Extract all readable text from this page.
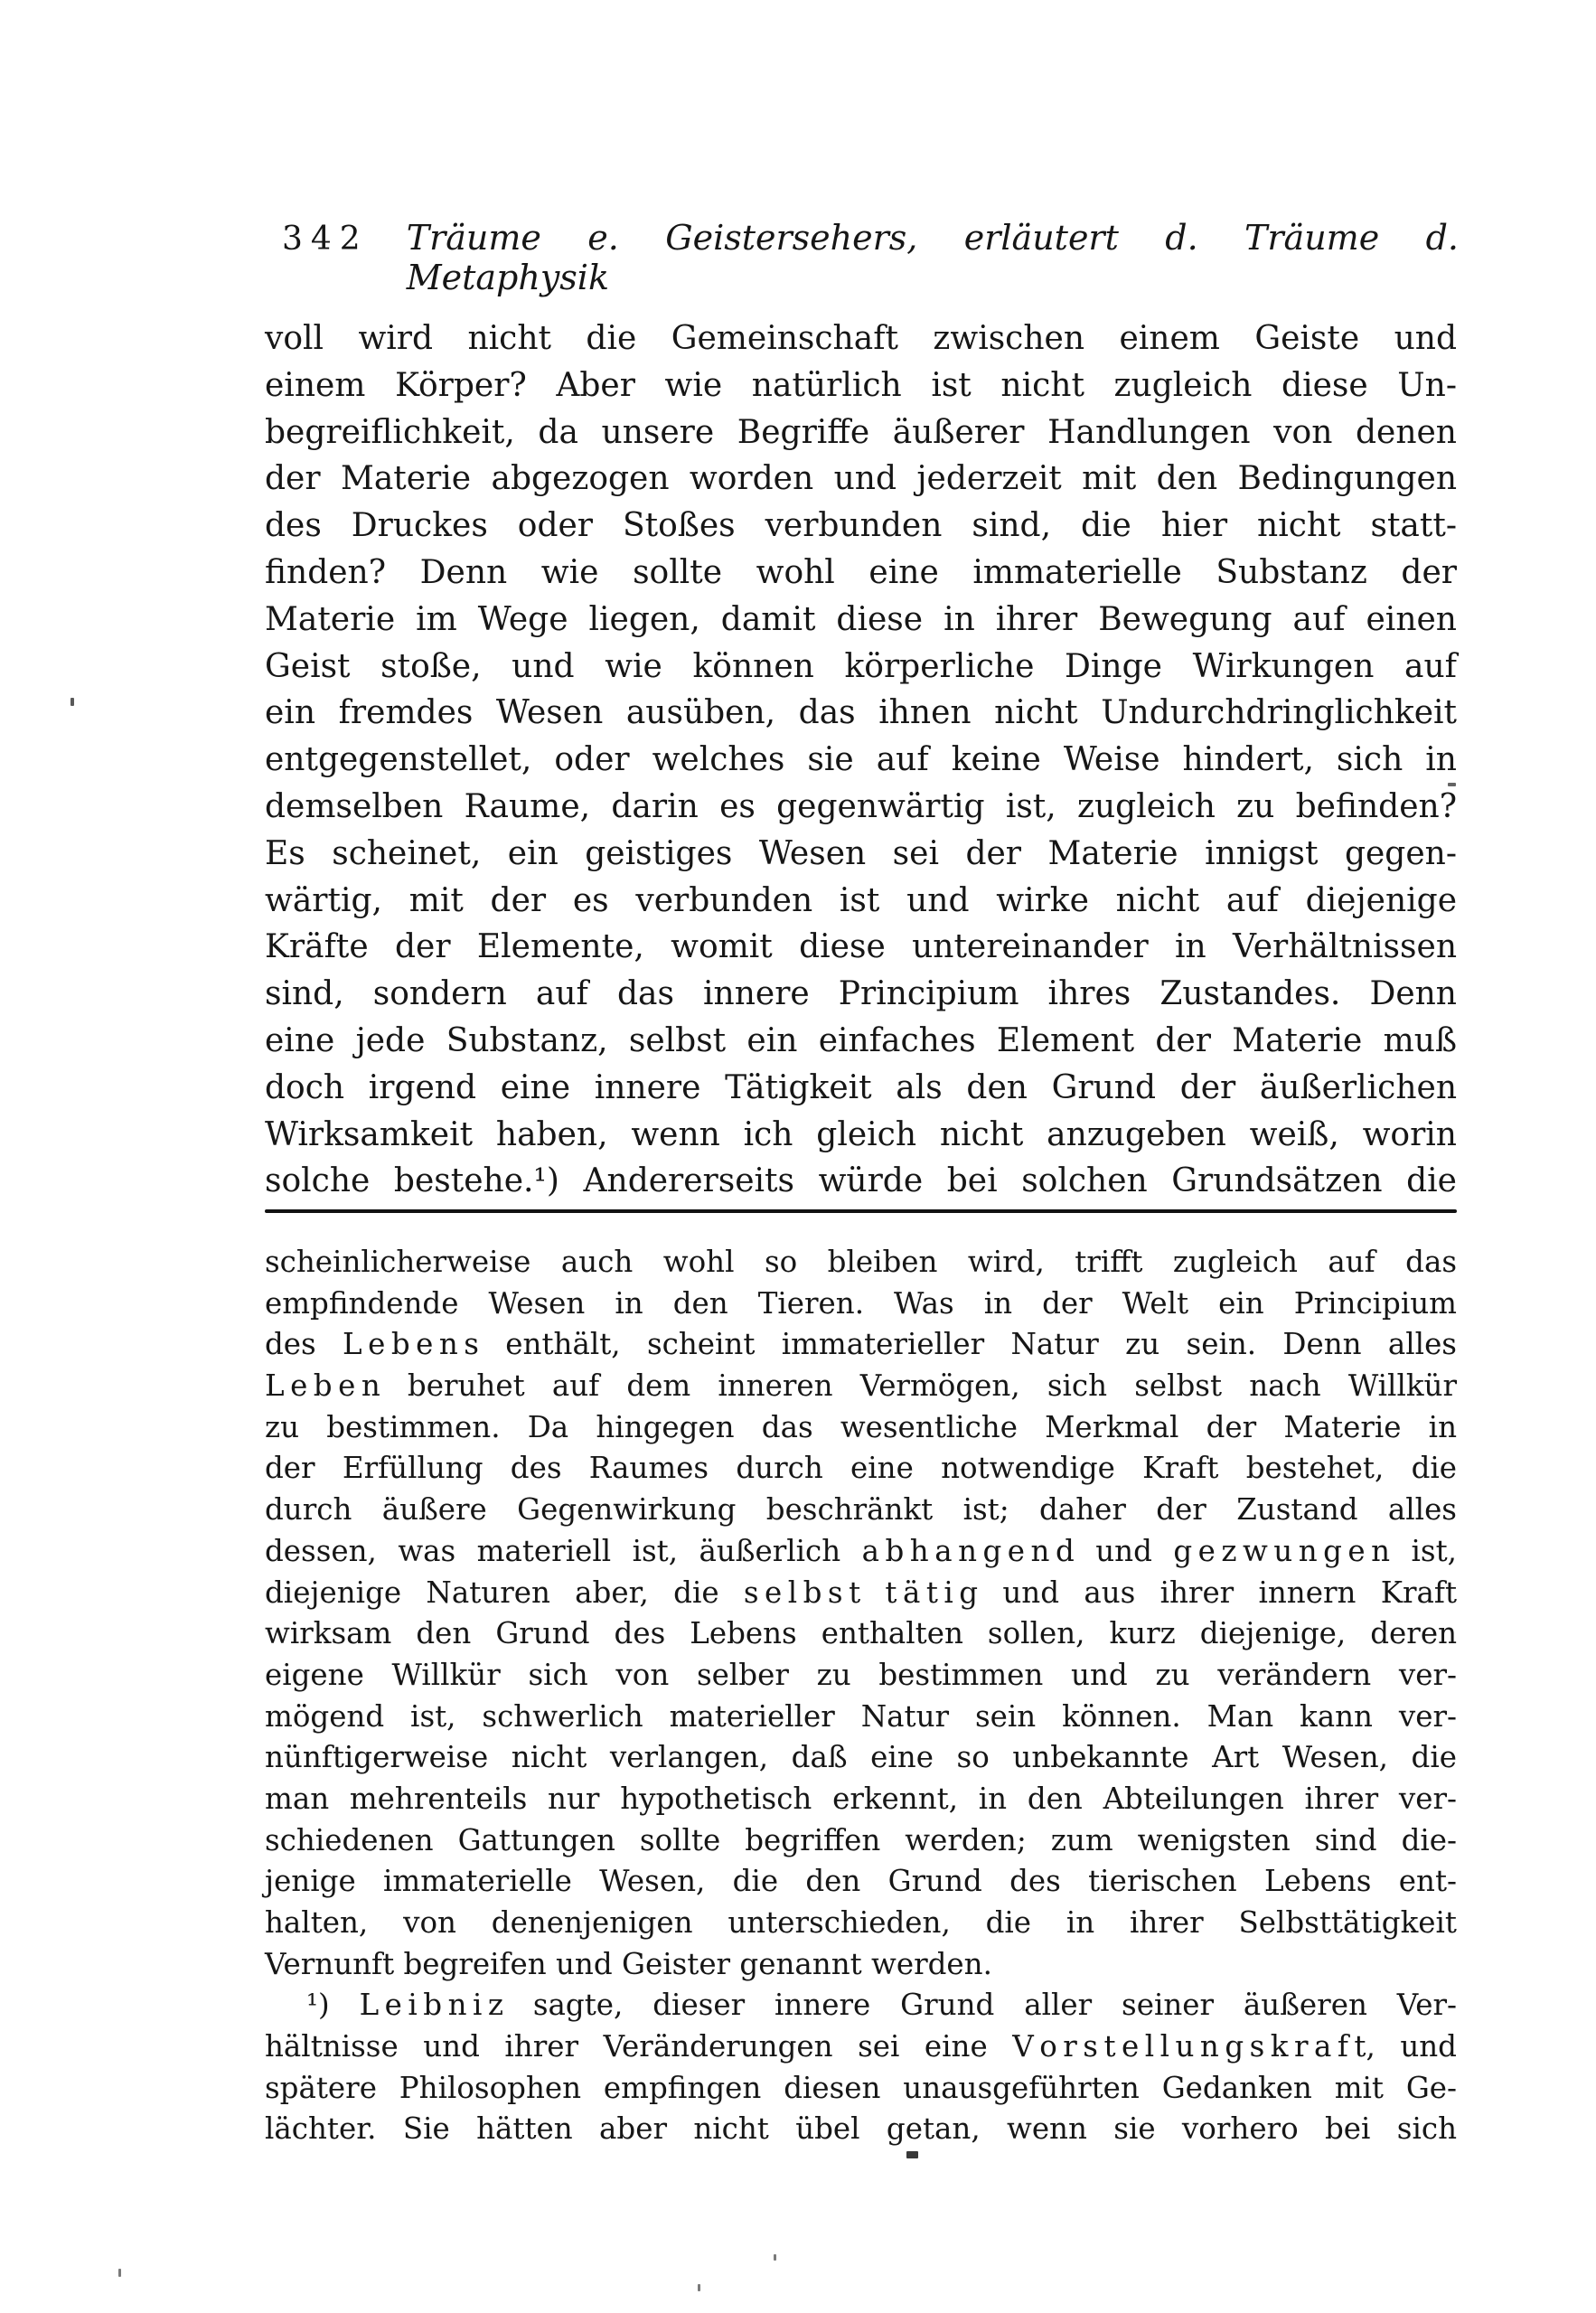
342 Träume e. Geistersehers, erläutert d. Träume d. Metaphysik
voll wird nicht die Gemeinschaft zwischen einem Geiste und
einem Körper? Aber wie natürlich ist nicht zugleich diese Un-
begreiflichkeit, da unsere Begriffe äußerer Handlungen von denen
der Materie abgezogen worden und jederzeit mit den Bedingungen
des Druckes oder Stoßes verbunden sind, die hier nicht statt-
finden? Denn wie sollte wohl eine immaterielle Substanz der
Materie im Wege liegen, damit diese in ihrer Bewegung auf einen
Geist stoße, und wie können körperliche Dinge Wirkungen auf
ein fremdes Wesen ausüben, das ihnen nicht Undurchdringlichkeit
entgegenstellet, oder welches sie auf keine Weise hindert, sich in
demselben Raume, darin es gegenwärtig ist, zugleich zu befinden?
Es scheinet, ein geistiges Wesen sei der Materie innigst gegen-
wärtig, mit der es verbunden ist und wirke nicht auf diejenige
Kräfte der Elemente, womit diese untereinander in Verhältnissen
sind, sondern auf das innere Principium ihres Zustandes. Denn
eine jede Substanz, selbst ein einfaches Element der Materie muß
doch irgend eine innere Tätigkeit als den Grund der äußerlichen
Wirksamkeit haben, wenn ich gleich nicht anzugeben weiß, worin
solche bestehe.¹) Andererseits würde bei solchen Grundsätzen die
scheinlicherweise auch wohl so bleiben wird, trifft zugleich auf das
empfindende Wesen in den Tieren. Was in der Welt ein Principium
des L e b e n s enthält, scheint immaterieller Natur zu sein. Denn alles
L e b e n beruhet auf dem inneren Vermögen, sich selbst nach Willkür
zu bestimmen. Da hingegen das wesentliche Merkmal der Materie in
der Erfüllung des Raumes durch eine notwendige Kraft bestehet, die
durch äußere Gegenwirkung beschränkt ist; daher der Zustand alles
dessen, was materiell ist, äußerlich a b h a n g e n d und g e z w u n g e n ist,
diejenige Naturen aber, die s e l b s t t ä t i g und aus ihrer innern Kraft
wirksam den Grund des Lebens enthalten sollen, kurz diejenige, deren
eigene Willkür sich von selber zu bestimmen und zu verändern ver-
mögend ist, schwerlich materieller Natur sein können. Man kann ver-
nünftigerweise nicht verlangen, daß eine so unbekannte Art Wesen, die
man mehrenteils nur hypothetisch erkennt, in den Abteilungen ihrer ver-
schiedenen Gattungen sollte begriffen werden; zum wenigsten sind die-
jenige immaterielle Wesen, die den Grund des tierischen Lebens ent-
halten, von denenjenigen unterschieden, die in ihrer Selbsttätigkeit
Vernunft begreifen und Geister genannt werden.
¹) L e i b n i z sagte, dieser innere Grund aller seiner äußeren Ver-
hältnisse und ihrer Veränderungen sei eine V o r s t e l l u n g s k r a f t, und
spätere Philosophen empfingen diesen unausgeführten Gedanken mit Ge-
lächter. Sie hätten aber nicht übel getan, wenn sie vorhero bei sich
